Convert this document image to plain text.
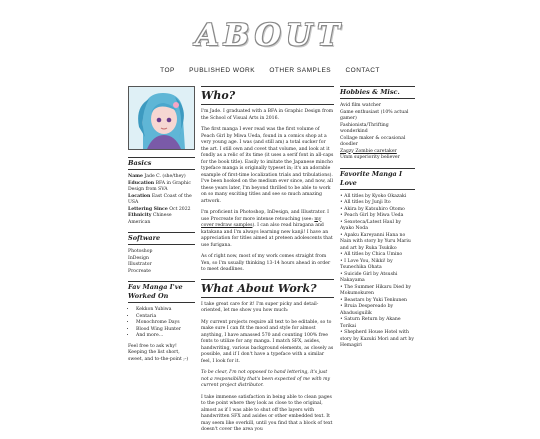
ABOUT
TOP PUBLISHED WORK OTHER SAMPLES CONTACT
Basics
Name Jade C. (she/they)
Education BFA in Graphic Design from SVA
Location East Coast of the USA
Lettering Since Oct 2022
Ethnicity Chinese American
Software
Photoshop
InDesign
Illustrator
Procreate
Fav Manga I've Worked On
• Kekkon Yubiwa
• Centaria
• Monochrome Days
• Blood Wing Hunter
• And more…

Feel free to ask why! Keeping the list short, sweet, and to-the-point ;-)

Who?

I'm Jade. I graduated with a BFA in Graphic Design from the School of Visual Arts in 2016.

The first manga I ever read was the first volume of Peach Girl by Miwa Ueda, found in a comics shop at a very young age. I was (and still am) a total sucker for the art. I still own and covet that volume, and look at it fondly as a relic of its time (it uses a serif font in all-caps for the book title). Easily to imitate the Japanese mincho typeface manga is originally typeset in; it's an adorable example of first-time localization trials and tribulations). I've been hooked on the medium ever since, and now, all these years later, I'm beyond thrilled to be able to work on so many exciting titles and see so much amazing artwork.

I'm proficient in Photoshop, InDesign, and Illustrator. I use Procreate for more intense retouching (see: my cover redraw samples). I can also read hiragana and katakana and I'm always learning new kanji! I have an appreciation for titles aimed at preteen adolescents that use furigana.

As of right now, most of my work comes straight from Yen, so I'm usually thinking 13-14 hours ahead in order to meet deadlines.

What About Work?

I take great care for it! I'm super picky and detail-oriented, let me show you how much:

My current projects require all text to be editable, so to make sure I can fit the mood and style for almost anything, I have amassed 570 and counting 100% free fonts to utilize for any manga. I match SFX, asides, handwriting, various background elements, as closely as possible, and if I don't have a typeface with a similar feel, I look for it.

To be clear, I'm not opposed to hand lettering, it's just not a responsibility that's been expected of me with my current project distributor.

I take immense satisfaction in being able to clean pages to the point where they look as close to the original, almost as if I was able to shut off the layers with handwritten SFX and asides or other embedded text. It may seem like overkill, until you find that a block of text doesn't cover the area you

Hobbies & Misc.
Avid film watcher
Game enthusiast (10% actual gamer)
Fashionista/Thrifting wonderkind
Collage maker & occasional doodler
Zagzy Zombie caretaker
Umm superiority believer
Favorite Manga I Love
• All titles by Kyoko Okazaki
• All titles by Junji Ito
• Akira by Katsuhiro Otomo
• Peach Girl by Miwa Ueda
• Sexoteca/Latest Haul by Ayako Noda
• Apaku Kareyanni Hana no Nain with story by Yuru Mariu and art by Ruka Tsukiko
• All titles by Chica Umino
• I Love You, Nikki! by Tsunechika Ohata
• Suicide Girl by Atsushi Nakayama
• The Summer Hikaru Died by Mokumokuren
• Beastars by Yuki Tenkunen
• Bruia Despereado by Abadusiguilik
• Saturn Return by Akane Torikai
• Shepherd House Hotel with story by Kazuki Mori and art by Hemagiri
